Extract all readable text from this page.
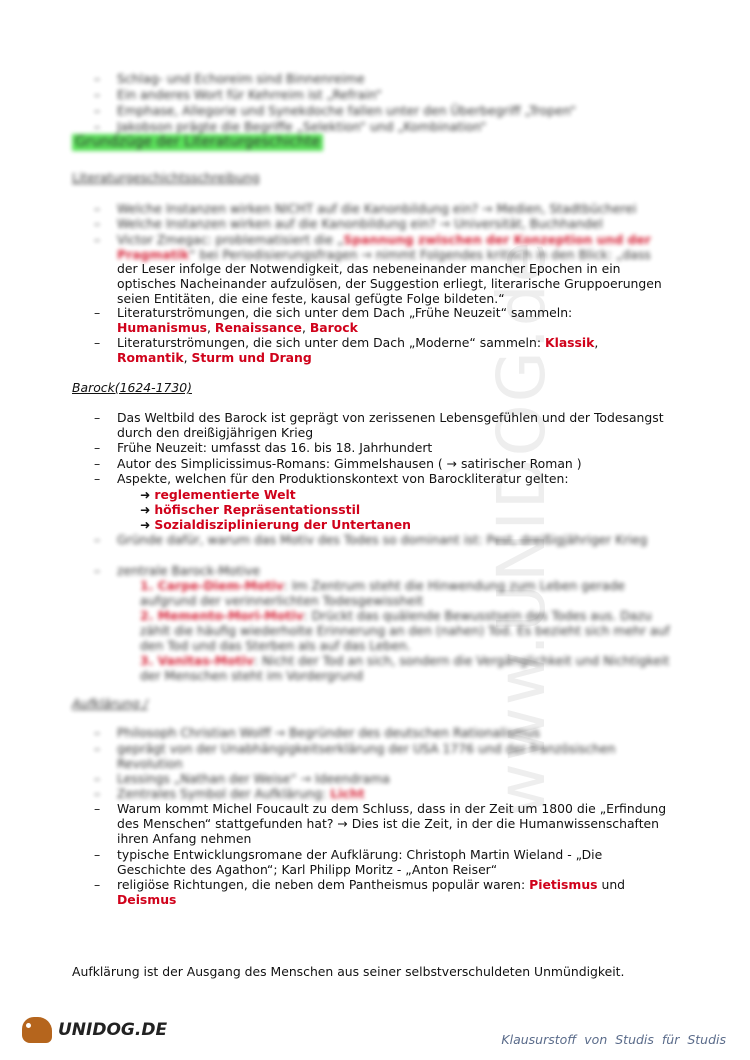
www.UNIDOG.de
– Schlag- und Echoreim sind Binnenreime
– Ein anderes Wort für Kehrreim ist „Refrain“
– Emphase, Allegorie und Synekdoche fallen unter den Überbegriff „Tropen“
– Jakobson prägte die Begriffe „Selektion“ und „Kombination“
Grundzüge der Literaturgeschichte
Literaturgeschichtsschreibung
– Welche Instanzen wirken NICHT auf die Kanonbildung ein? → Medien, Stadtbücherei
– Welche Instanzen wirken auf die Kanonbildung ein? → Universität, Buchhandel
– Victor Zmegac: problematisiert die „Spannung zwischen der Konzeption und der
Pragmatik“ bei Periodisierungsfragen → nimmt Folgendes kritisch in den Blick: „dass
der Leser infolge der Notwendigkeit, das nebeneinander mancher Epochen in ein
optisches Nacheinander aufzulösen, der Suggestion erliegt, literarische Gruppoerungen
seien Entitäten, die eine feste, kausal gefügte Folge bildeten.“
– Literaturströmungen, die sich unter dem Dach „Frühe Neuzeit“ sammeln:
Humanismus, Renaissance, Barock
– Literaturströmungen, die sich unter dem Dach „Moderne“ sammeln: Klassik,
Romantik, Sturm und Drang
Barock(1624-1730)
– Das Weltbild des Barock ist geprägt von zerissenen Lebensgefühlen und der Todesangst
durch den dreißigjährigen Krieg
– Frühe Neuzeit: umfasst das 16. bis 18. Jahrhundert
– Autor des Simplicissimus-Romans: Gimmelshausen ( → satirischer Roman )
– Aspekte, welchen für den Produktionskontext von Barockliteratur gelten:
➜ reglementierte Welt
➜ höfischer Repräsentationsstil
➜ Sozialdisziplinierung der Untertanen
– Gründe dafür, warum das Motiv des Todes so dominant ist: Pest, dreißigjähriger Krieg
– zentrale Barock-Motive
1. Carpe-Diem-Motiv: Im Zentrum steht die Hinwendung zum Leben gerade
aufgrund der verinnerlichten Todesgewissheit
2. Memento-Mori-Motiv: Drückt das quälende Bewusstsein des Todes aus. Dazu
zählt die häufig wiederholte Erinnerung an den (nahen) Tod. Es bezieht sich mehr auf
den Tod und das Sterben als auf das Leben.
3. Vanitas-Motiv: Nicht der Tod an sich, sondern die Vergänglichkeit und Nichtigkeit
der Menschen steht im Vordergrund
Aufklärung /
– Philosoph Christian Wolff → Begründer des deutschen Rationalismus
– geprägt von der Unabhängigkeitserklärung der USA 1776 und der französischen
Revolution
– Lessings „Nathan der Weise“ → Ideendrama
– Zentrales Symbol der Aufklärung: Licht
– Warum kommt Michel Foucault zu dem Schluss, dass in der Zeit um 1800 die „Erfindung
des Menschen“ stattgefunden hat? → Dies ist die Zeit, in der die Humanwissenschaften
ihren Anfang nehmen
– typische Entwicklungsromane der Aufklärung: Christoph Martin Wieland - „Die
Geschichte des Agathon“; Karl Philipp Moritz - „Anton Reiser“
– religiöse Richtungen, die neben dem Pantheismus populär waren: Pietismus und
Deismus
Aufklärung ist der Ausgang des Menschen aus seiner selbstverschuldeten Unmündigkeit.
UNIDOG.DE	Klausurstoff von Studis für Studis
